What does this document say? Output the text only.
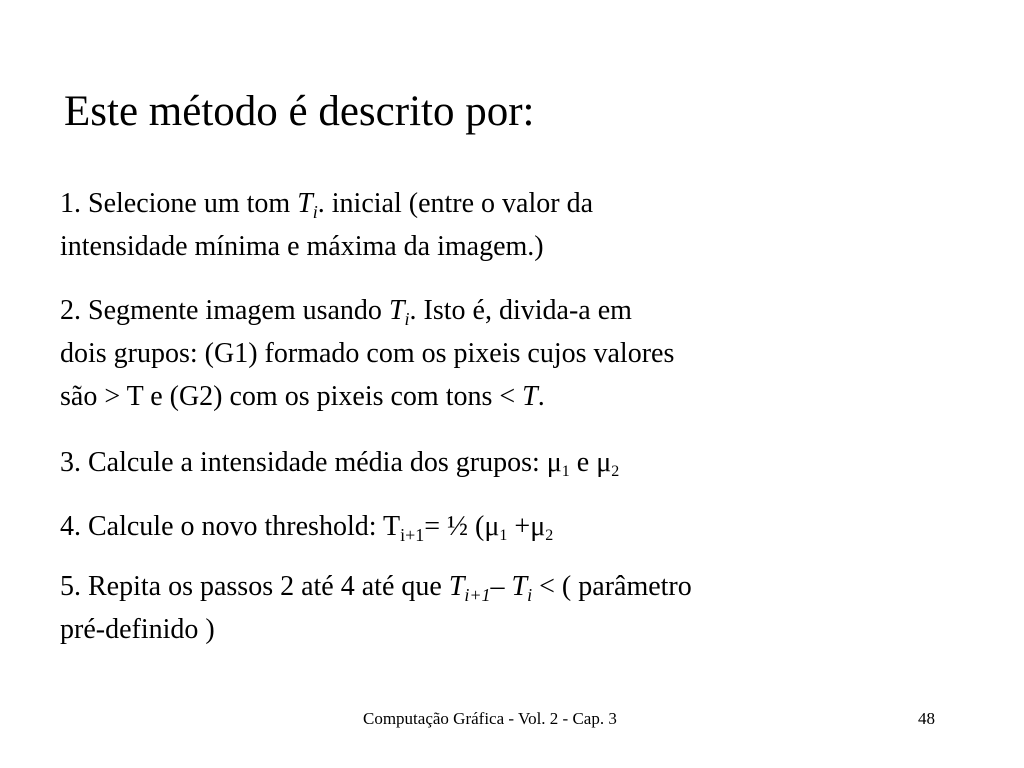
Este método é descrito por:
1. Selecione um tom $T_i$. inicial (entre o valor da
intensidade mínima e máxima da imagem.)
2. Segmente imagem usando $T_i$. Isto é, divida-a em
dois grupos: (G1) formado com os pixeis cujos valores
são > T e (G2) com os pixeis com tons < T.
3. Calcule a intensidade média dos grupos: $\mu_1$ e $\mu_2$
4. Calcule o novo threshold: $T_{i+1}=$ ½ ($\mu_1 +\mu_2$
5. Repita os passos 2 até 4 até que $T_{i+1}-$ $T_i$ < ( parâmetro
pré-definido )
Computação Gráfica - Vol. 2 - Cap. 3	48
